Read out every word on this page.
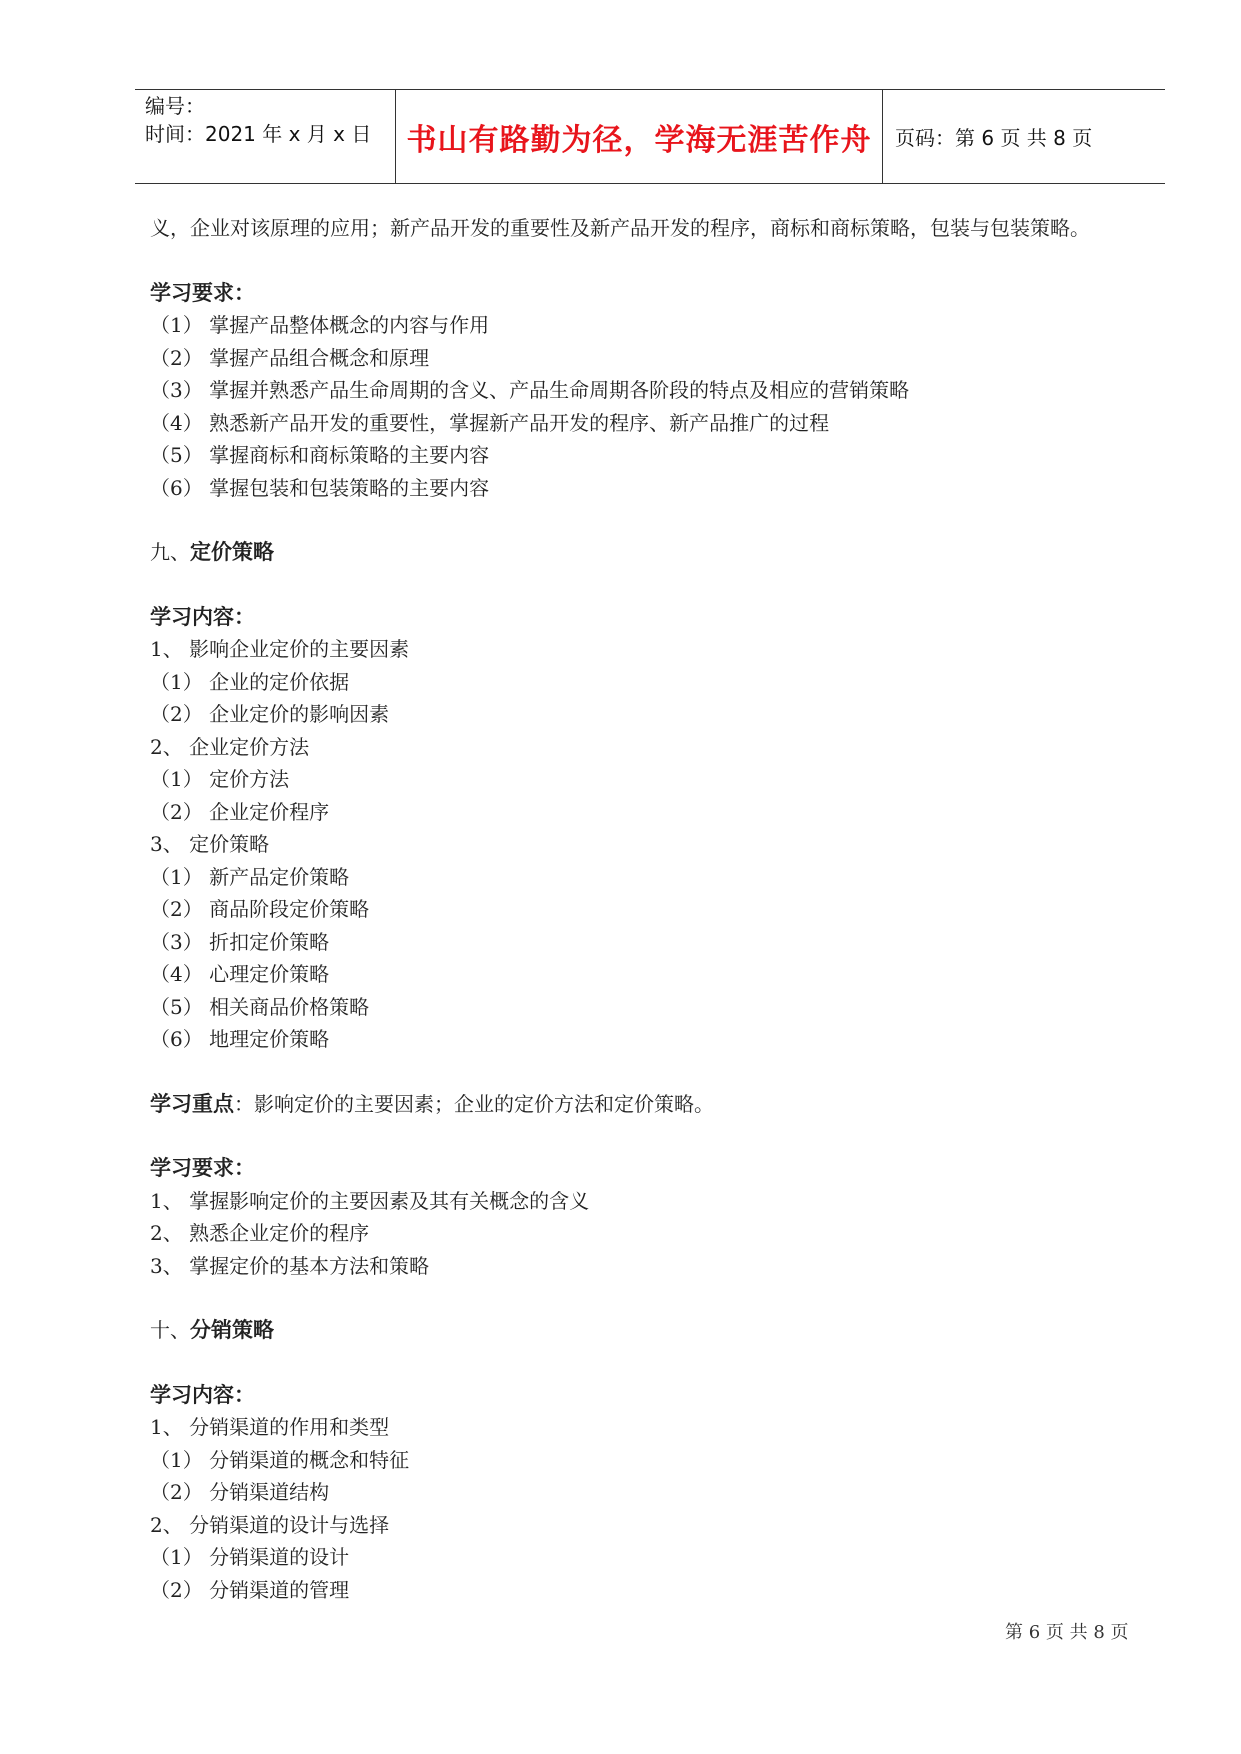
编号：
时间：2021 年 x 月 x 日	书山有路勤为径，学海无涯苦作舟 页码：第 6 页 共 8 页
义，企业对该原理的应用；新产品开发的重要性及新产品开发的程序，商标和商标策略，包装与包装策略。
学习要求：
（1） 掌握产品整体概念的内容与作用
（2） 掌握产品组合概念和原理
（3） 掌握并熟悉产品生命周期的含义、产品生命周期各阶段的特点及相应的营销策略
（4） 熟悉新产品开发的重要性，掌握新产品开发的程序、新产品推广的过程
（5） 掌握商标和商标策略的主要内容
（6） 掌握包装和包装策略的主要内容
九、定价策略
学习内容：
1、 影响企业定价的主要因素
（1） 企业的定价依据
（2） 企业定价的影响因素
2、 企业定价方法
（1） 定价方法
（2） 企业定价程序
3、 定价策略
（1） 新产品定价策略
（2） 商品阶段定价策略
（3） 折扣定价策略
（4） 心理定价策略
（5） 相关商品价格策略
（6） 地理定价策略
学习重点：影响定价的主要因素；企业的定价方法和定价策略。
学习要求：
1、 掌握影响定价的主要因素及其有关概念的含义
2、 熟悉企业定价的程序
3、 掌握定价的基本方法和策略
十、分销策略
学习内容：
1、 分销渠道的作用和类型
（1） 分销渠道的概念和特征
（2） 分销渠道结构
2、 分销渠道的设计与选择
（1） 分销渠道的设计
（2） 分销渠道的管理
第 6 页 共 8 页
